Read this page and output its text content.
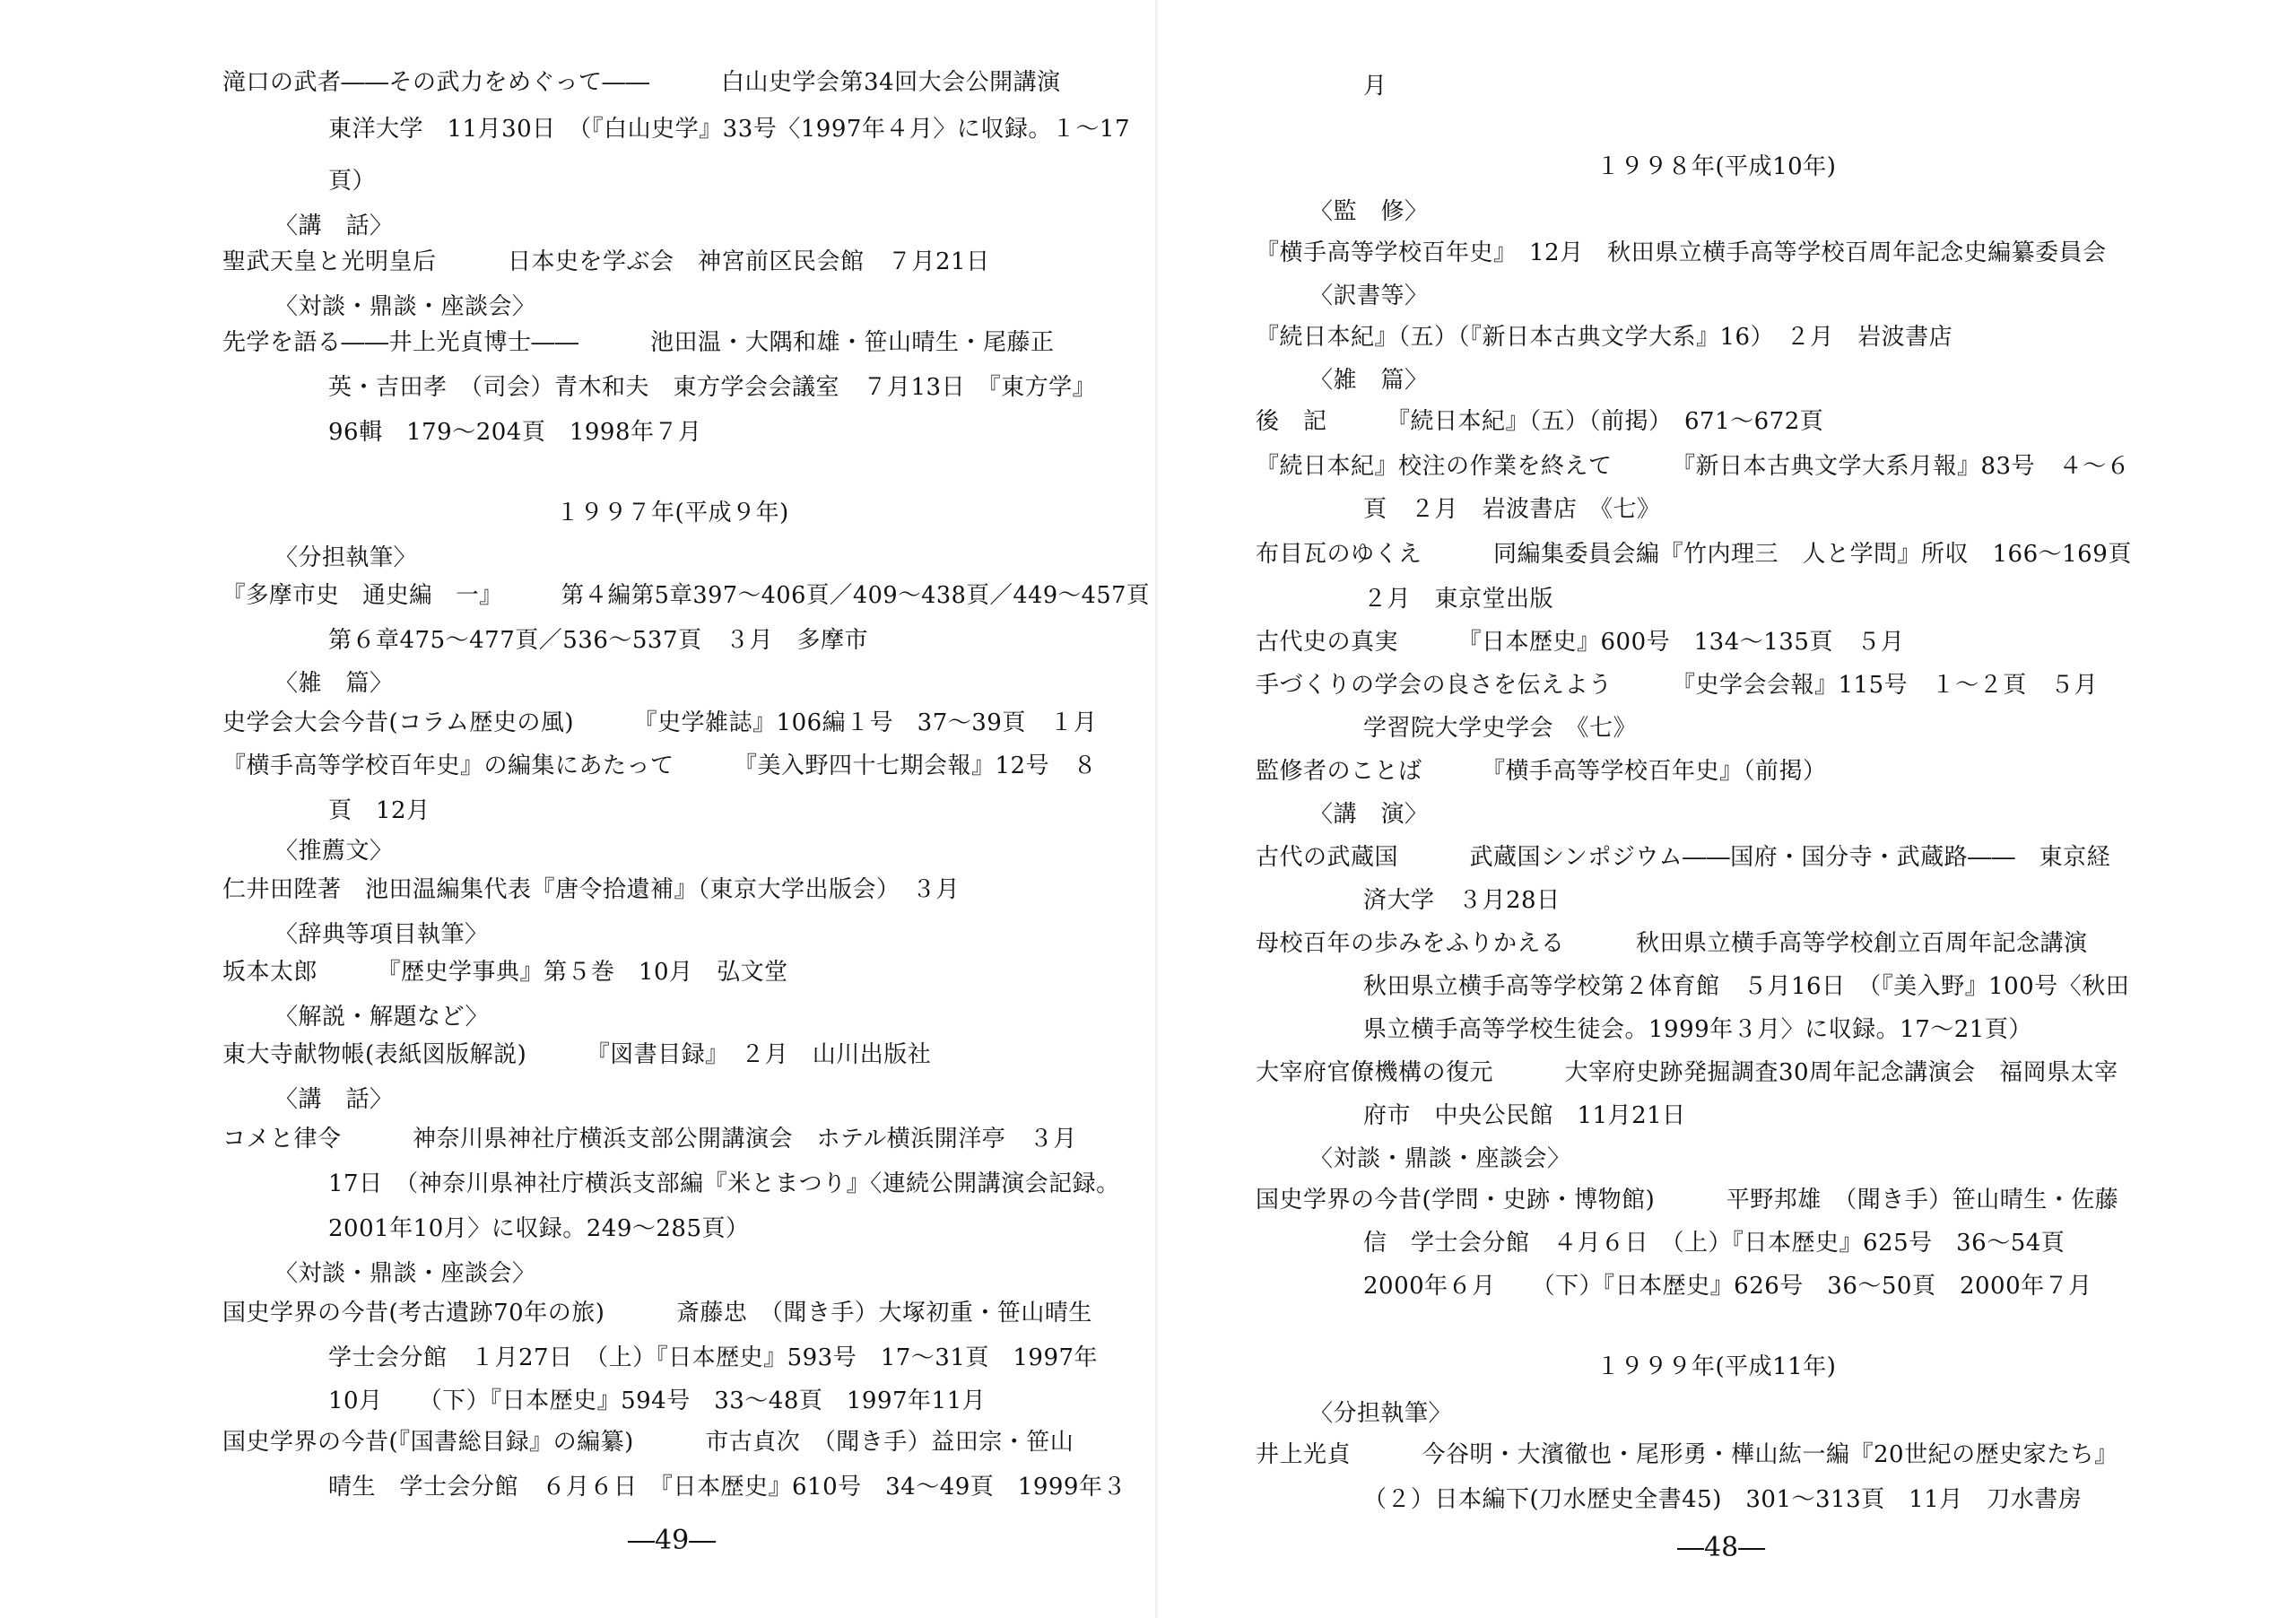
滝口の武者――その武力をめぐって――　　　白山史学会第34回大会公開講演
東洋大学　11月30日　（『白山史学』33号〈1997年４月〉に収録。１～17
頁）
〈講　話〉
聖武天皇と光明皇后　　　日本史を学ぶ会　神宮前区民会館　７月21日
〈対談・鼎談・座談会〉
先学を語る――井上光貞博士――　　　池田温・大隅和雄・笹山晴生・尾藤正
英・吉田孝　（司会）青木和夫　東方学会会議室　７月13日　『東方学』
96輯　179～204頁　1998年７月
１９９７年(平成９年)
〈分担執筆〉
『多摩市史　通史編　一』　　　第４編第5章397～406頁／409～438頁／449～457頁
第６章475～477頁／536～537頁　３月　多摩市
〈雑　篇〉
史学会大会今昔(コラム歴史の風)　　　『史学雑誌』106編１号　37～39頁　１月
『横手高等学校百年史』の編集にあたって　　　『美入野四十七期会報』12号　８
頁　12月
〈推薦文〉
仁井田陞著　池田温編集代表『唐令拾遺補』（東京大学出版会）　３月
〈辞典等項目執筆〉
坂本太郎　　　『歴史学事典』第５巻　10月　弘文堂
〈解説・解題など〉
東大寺献物帳(表紙図版解説)　　　『図書目録』　２月　山川出版社
〈講　話〉
コメと律令　　　神奈川県神社庁横浜支部公開講演会　ホテル横浜開洋亭　３月
17日　（神奈川県神社庁横浜支部編『米とまつり』〈連続公開講演会記録。
2001年10月〉に収録。249～285頁）
〈対談・鼎談・座談会〉
国史学界の今昔(考古遺跡70年の旅)　　　斎藤忠　（聞き手）大塚初重・笹山晴生
学士会分館　１月27日　（上）『日本歴史』593号　17～31頁　1997年
10月　　（下）『日本歴史』594号　33～48頁　1997年11月
国史学界の今昔(『国書総目録』の編纂)　　　市古貞次　（聞き手）益田宗・笹山
晴生　学士会分館　６月６日　『日本歴史』610号　34～49頁　1999年３
―49―
月
１９９８年(平成10年)
〈監　修〉
『横手高等学校百年史』　12月　秋田県立横手高等学校百周年記念史編纂委員会
〈訳書等〉
『続日本紀』（五）（『新日本古典文学大系』16）　２月　岩波書店
〈雑　篇〉
後　記　　　『続日本紀』（五）（前掲）　671～672頁
『続日本紀』校注の作業を終えて　　　『新日本古典文学大系月報』83号　４～６
頁　２月　岩波書店　《七》
布目瓦のゆくえ　　　同編集委員会編『竹内理三　人と学問』所収　166～169頁
２月　東京堂出版
古代史の真実　　　『日本歴史』600号　134～135頁　５月
手づくりの学会の良さを伝えよう　　　『史学会会報』115号　１～２頁　５月
学習院大学史学会　《七》
監修者のことば　　　『横手高等学校百年史』（前掲）
〈講　演〉
古代の武蔵国　　　武蔵国シンポジウム――国府・国分寺・武蔵路――　東京経
済大学　３月28日
母校百年の歩みをふりかえる　　　秋田県立横手高等学校創立百周年記念講演
秋田県立横手高等学校第２体育館　５月16日　（『美入野』100号〈秋田
県立横手高等学校生徒会。1999年３月〉に収録。17～21頁）
大宰府官僚機構の復元　　　大宰府史跡発掘調査30周年記念講演会　福岡県太宰
府市　中央公民館　11月21日
〈対談・鼎談・座談会〉
国史学界の今昔(学問・史跡・博物館)　　　平野邦雄　（聞き手）笹山晴生・佐藤
信　学士会分館　４月６日　（上）『日本歴史』625号　36～54頁
2000年６月　　（下）『日本歴史』626号　36～50頁　2000年７月
１９９９年(平成11年)
〈分担執筆〉
井上光貞　　　今谷明・大濱徹也・尾形勇・樺山紘一編『20世紀の歴史家たち』
（２）日本編下(刀水歴史全書45)　301～313頁　11月　刀水書房
―48―
